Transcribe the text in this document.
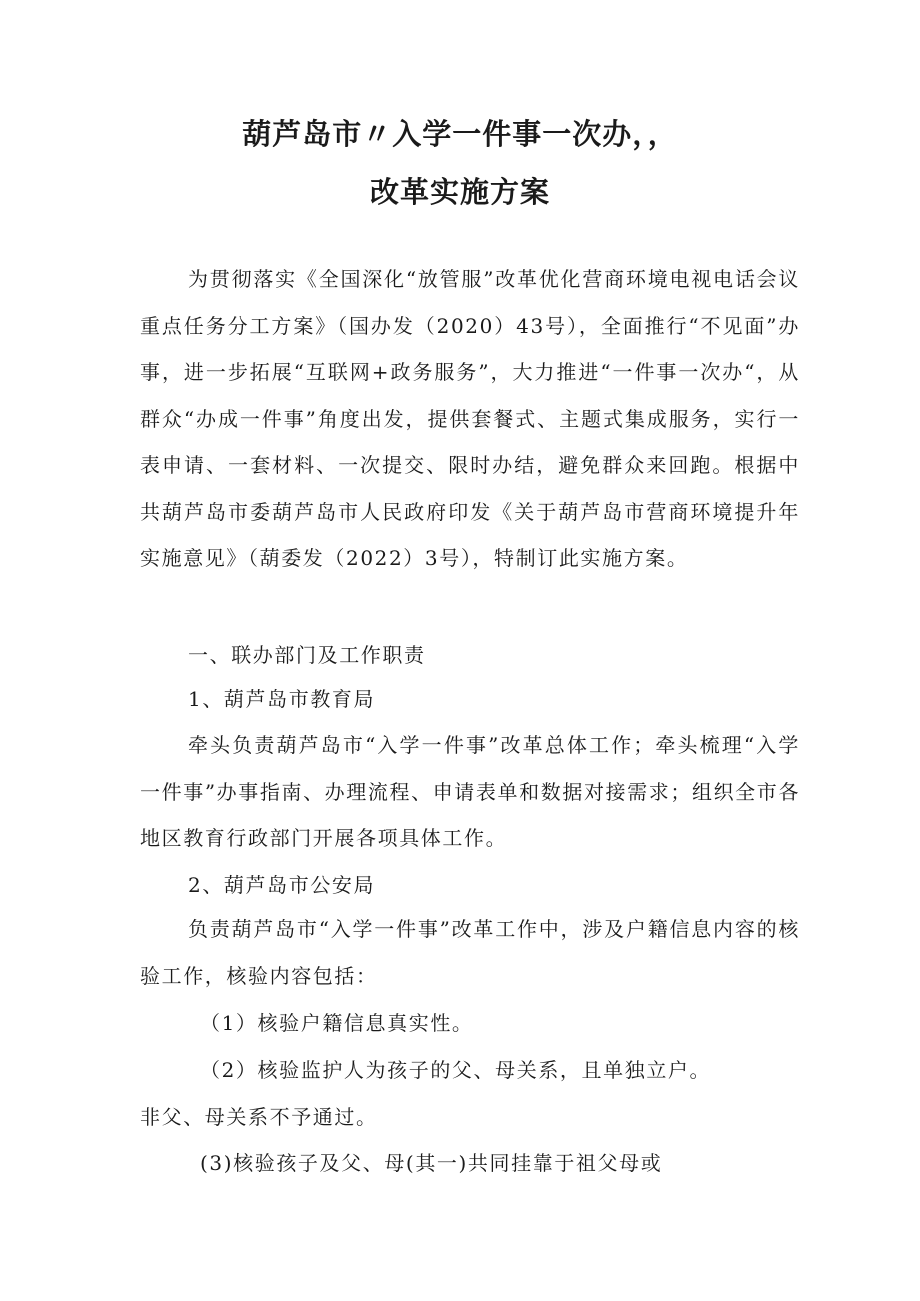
葫芦岛市〃入学一件事一次办，，
改革实施方案

为贯彻落实《全国深化“放管服”改革优化营商环境电视电话会议重点任务分工方案》（国办发（2020）43号），全面推行“不见面”办事，进一步拓展“互联网+政务服务”，大力推进“一件事一次办“，从群众“办成一件事”角度出发，提供套餐式、主题式集成服务，实行一表申请、一套材料、一次提交、限时办结，避免群众来回跑。根据中共葫芦岛市委葫芦岛市人民政府印发《关于葫芦岛市营商环境提升年实施意见》（葫委发（2022）3号），特制订此实施方案。

一、联办部门及工作职责

1、葫芦岛市教育局

牵头负责葫芦岛市“入学一件事”改革总体工作；牵头梳理“入学一件事”办事指南、办理流程、申请表单和数据对接需求；组织全市各地区教育行政部门开展各项具体工作。

2、葫芦岛市公安局

负责葫芦岛市“入学一件事”改革工作中，涉及户籍信息内容的核验工作，核验内容包括：

（1）核验户籍信息真实性。

（2）核验监护人为孩子的父、母关系，且单独立户。

非父、母关系不予通过。

(3)核验孩子及父、母(其一)共同挂靠于祖父母或
